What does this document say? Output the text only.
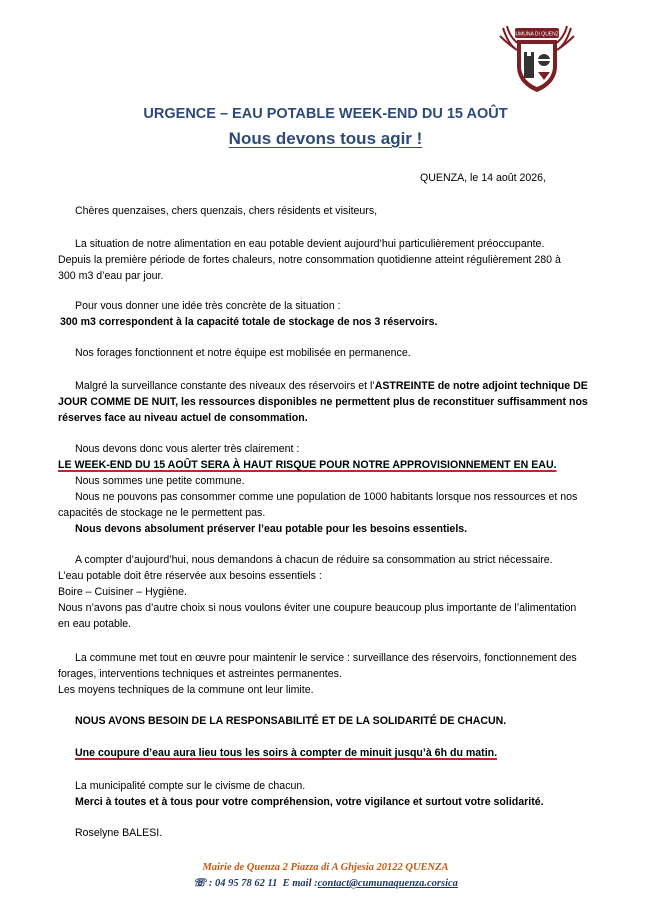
CUMUNA DI QUENZA
URGENCE – EAU POTABLE WEEK-END DU 15 AOÛT
Nous devons tous agir !
QUENZA, le 14 août 2026,
Chères quenzaises, chers quenzais, chers résidents et visiteurs,
La situation de notre alimentation en eau potable devient aujourd’hui particulièrement préoccupante.
Depuis la première période de fortes chaleurs, notre consommation quotidienne atteint régulièrement 280 à
300 m3 d’eau par jour.
Pour vous donner une idée très concrète de la situation :
300 m3 correspondent à la capacité totale de stockage de nos 3 réservoirs.
Nos forages fonctionnent et notre équipe est mobilisée en permanence.
Malgré la surveillance constante des niveaux des réservoirs et l’ASTREINTE de notre adjoint technique DE
JOUR COMME DE NUIT, les ressources disponibles ne permettent plus de reconstituer suffisamment nos
réserves face au niveau actuel de consommation.
Nous devons donc vous alerter très clairement :
LE WEEK-END DU 15 AOÛT SERA À HAUT RISQUE POUR NOTRE APPROVISIONNEMENT EN EAU.
Nous sommes une petite commune.
Nous ne pouvons pas consommer comme une population de 1000 habitants lorsque nos ressources et nos
capacités de stockage ne le permettent pas.
Nous devons absolument préserver l’eau potable pour les besoins essentiels.
A compter d’aujourd’hui, nous demandons à chacun de réduire sa consommation au strict nécessaire.
L’eau potable doit être réservée aux besoins essentiels :
Boire – Cuisiner – Hygiène.
Nous n’avons pas d’autre choix si nous voulons éviter une coupure beaucoup plus importante de l’alimentation
en eau potable.
La commune met tout en œuvre pour maintenir le service : surveillance des réservoirs, fonctionnement des
forages, interventions techniques et astreintes permanentes.
Les moyens techniques de la commune ont leur limite.
NOUS AVONS BESOIN DE LA RESPONSABILITÉ ET DE LA SOLIDARITÉ DE CHACUN.
Une coupure d’eau aura lieu tous les soirs à compter de minuit jusqu’à 6h du matin.
La municipalité compte sur le civisme de chacun.
Merci à toutes et à tous pour votre compréhension, votre vigilance et surtout votre solidarité.
Roselyne BALESI.
Mairie de Quenza 2 Piazza di A Ghjesia 20122 QUENZA
☏ : 04 95 78 62 11 E mail :contact@cumunaquenza.corsica
